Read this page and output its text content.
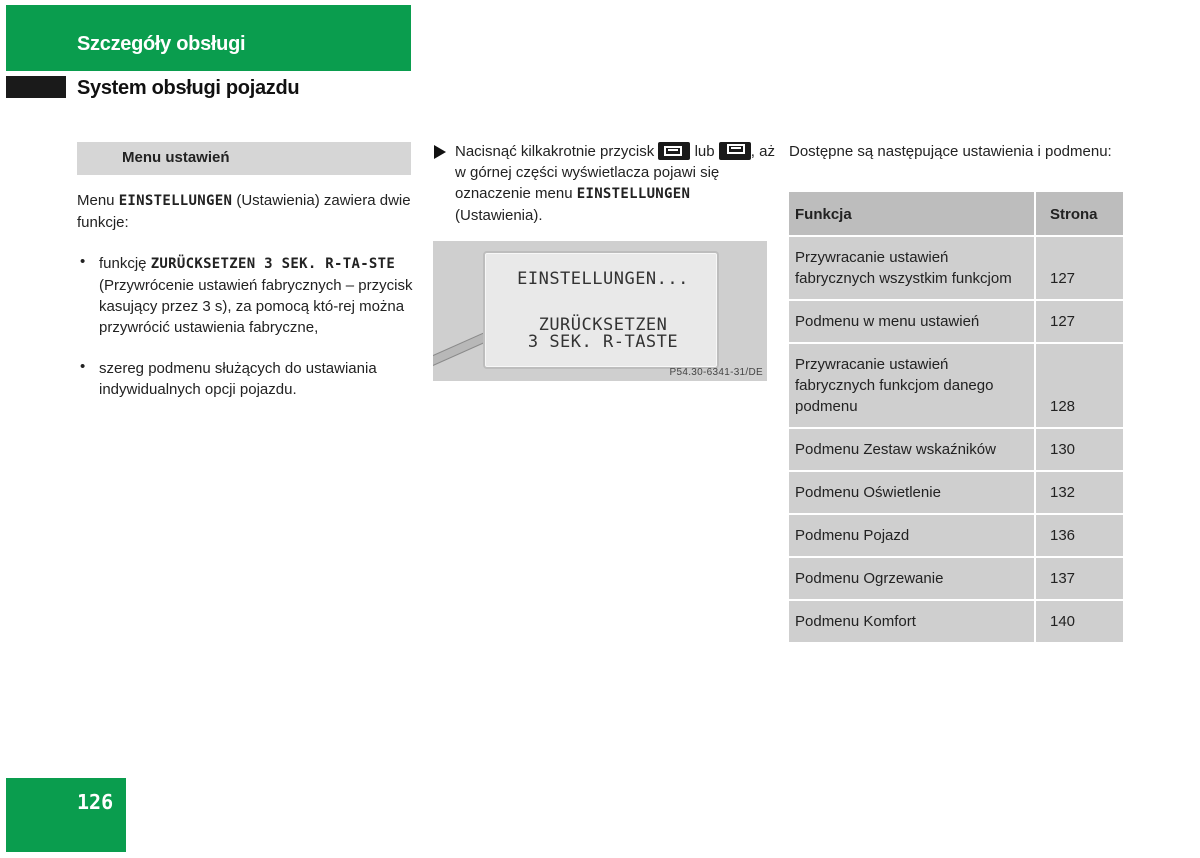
Szczegóły obsługi
System obsługi pojazdu
Menu ustawień
Menu EINSTELLUNGEN (Ustawienia) zawiera dwie funkcje:
• funkcję ZURÜCKSETZEN 3 SEK. R-TA-STE (Przywrócenie ustawień fabrycznych – przycisk kasujący przez 3 s), za pomocą któ-rej można przywrócić ustawienia fabryczne,
• szereg podmenu służących do ustawiania indywidualnych opcji pojazdu.
Nacisnąć kilkakrotnie przycisk
lub
, aż w górnej części wyświetlacza pojawi się oznaczenie menu EINSTELLUNGEN (Ustawienia).
EINSTELLUNGEN...
ZURÜCKSETZEN
3 SEK. R-TASTE
P54.30-6341-31/DE
Dostępne są następujące ustawienia i podmenu:
Funkcja	Strona
Przywracanie ustawień fabrycznych wszystkim funkcjom	127
Podmenu w menu ustawień	127
Przywracanie ustawień fabrycznych funkcjom danego podmenu	128
Podmenu Zestaw wskaźników	130
Podmenu Oświetlenie	132
Podmenu Pojazd	136
Podmenu Ogrzewanie	137
Podmenu Komfort	140
126
